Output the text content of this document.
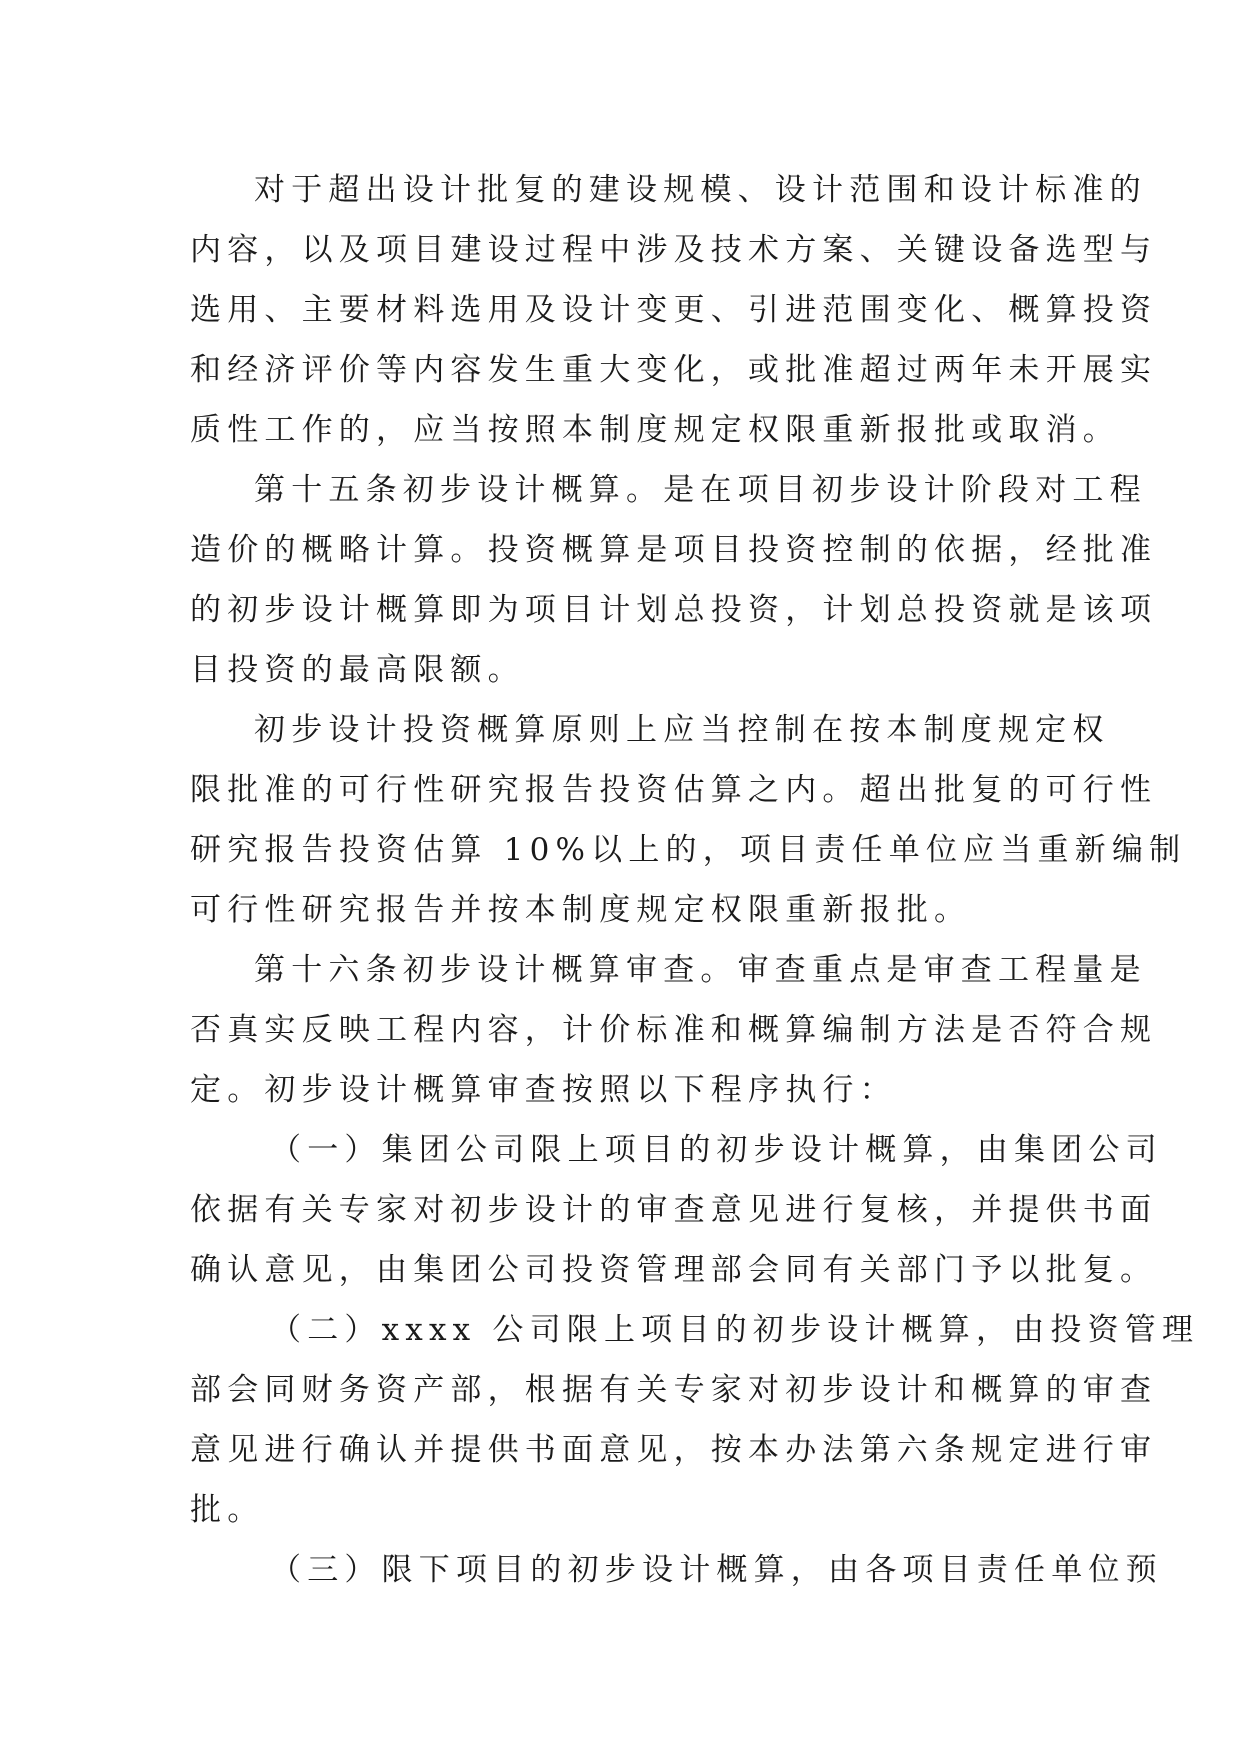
对于超出设计批复的建设规模、设计范围和设计标准的
内容，以及项目建设过程中涉及技术方案、关键设备选型与
选用、主要材料选用及设计变更、引进范围变化、概算投资
和经济评价等内容发生重大变化，或批准超过两年未开展实
质性工作的，应当按照本制度规定权限重新报批或取消。
第十五条初步设计概算。是在项目初步设计阶段对工程
造价的概略计算。投资概算是项目投资控制的依据，经批准
的初步设计概算即为项目计划总投资，计划总投资就是该项
目投资的最高限额。
初步设计投资概算原则上应当控制在按本制度规定权
限批准的可行性研究报告投资估算之内。超出批复的可行性
研究报告投资估算 10%以上的，项目责任单位应当重新编制
可行性研究报告并按本制度规定权限重新报批。
第十六条初步设计概算审查。审查重点是审查工程量是
否真实反映工程内容，计价标准和概算编制方法是否符合规
定。初步设计概算审查按照以下程序执行：
（一）集团公司限上项目的初步设计概算，由集团公司
依据有关专家对初步设计的审查意见进行复核，并提供书面
确认意见，由集团公司投资管理部会同有关部门予以批复。
（二）xxxx 公司限上项目的初步设计概算，由投资管理
部会同财务资产部，根据有关专家对初步设计和概算的审查
意见进行确认并提供书面意见，按本办法第六条规定进行审
批。
（三）限下项目的初步设计概算，由各项目责任单位预
